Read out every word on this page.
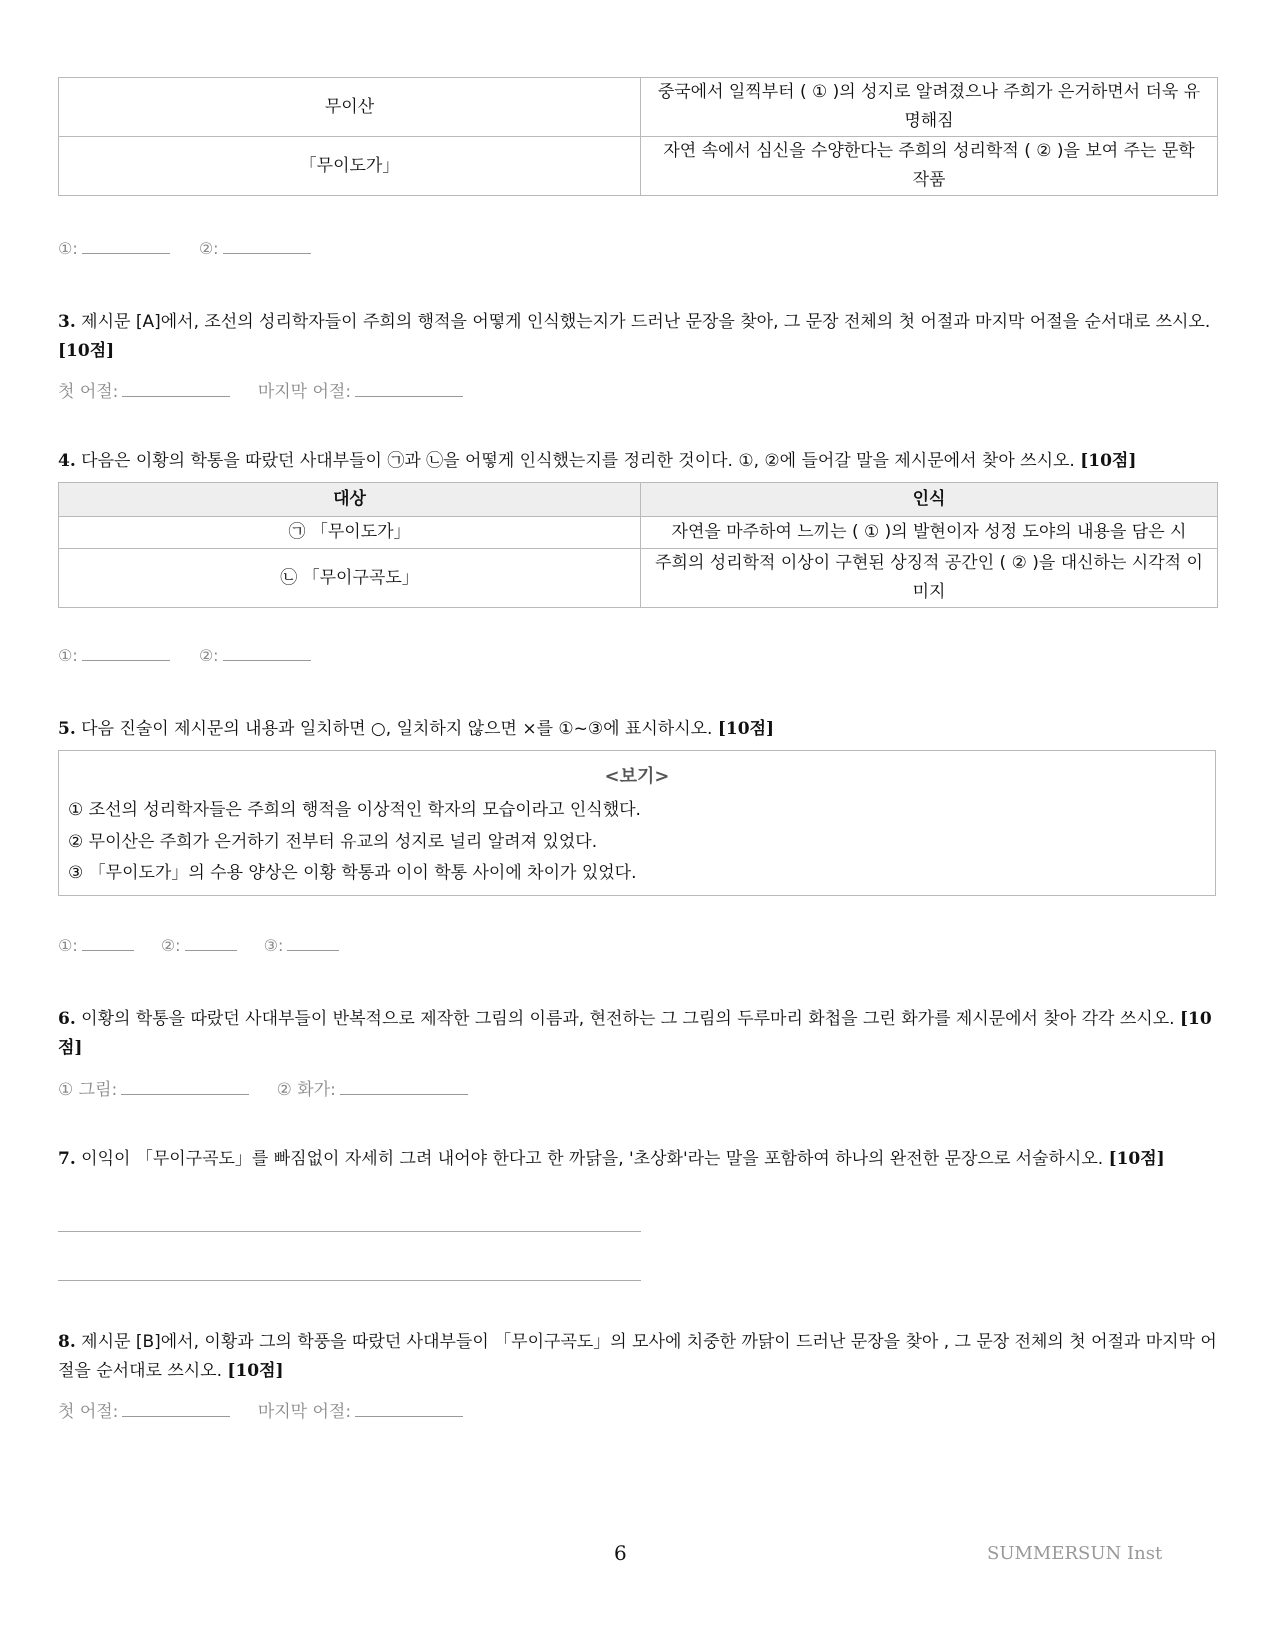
무이산	중국에서 일찍부터 ( ① )의 성지로 알려졌으나 주희가 은거하면서 더욱 유명해짐
「무이도가」	자연 속에서 심신을 수양한다는 주희의 성리학적 ( ② )을 보여 주는 문학 작품
①:	②:
3. 제시문 [A]에서, 조선의 성리학자들이 주희의 행적을 어떻게 인식했는지가 드러난 문장을 찾아, 그 문장 전체의 첫 어절과 마지막 어절을 순서대로 쓰시오. [10점]
첫 어절:	마지막 어절:
4. 다음은 이황의 학통을 따랐던 사대부들이 ㉠과 ㉡을 어떻게 인식했는지를 정리한 것이다. ①, ②에 들어갈 말을 제시문에서 찾아 쓰시오. [10점]
대상	인식
㉠ 「무이도가」	자연을 마주하여 느끼는 ( ① )의 발현이자 성정 도야의 내용을 담은 시
㉡ 「무이구곡도」	주희의 성리학적 이상이 구현된 상징적 공간인 ( ② )을 대신하는 시각적 이미지
①:	②:
5. 다음 진술이 제시문의 내용과 일치하면 ○, 일치하지 않으면 ×를 ①~③에 표시하시오. [10점]
<보기>
① 조선의 성리학자들은 주희의 행적을 이상적인 학자의 모습이라고 인식했다.
② 무이산은 주희가 은거하기 전부터 유교의 성지로 널리 알려져 있었다.
③ 「무이도가」의 수용 양상은 이황 학통과 이이 학통 사이에 차이가 있었다.
①:	②:	③:
6. 이황의 학통을 따랐던 사대부들이 반복적으로 제작한 그림의 이름과, 현전하는 그 그림의 두루마리 화첩을 그린 화가를 제시문에서 찾아 각각 쓰시오. [10점]
① 그림:	② 화가:
7. 이익이 「무이구곡도」를 빠짐없이 자세히 그려 내어야 한다고 한 까닭을, '초상화'라는 말을 포함하여 하나의 완전한 문장으로 서술하시오. [10점]
8. 제시문 [B]에서, 이황과 그의 학풍을 따랐던 사대부들이 「무이구곡도」의 모사에 치중한 까닭이 드러난 문장을 찾아 , 그 문장 전체의 첫 어절과 마지막 어절을 순서대로 쓰시오. [10점]
첫 어절:	마지막 어절:
6	SUMMERSUN Inst
